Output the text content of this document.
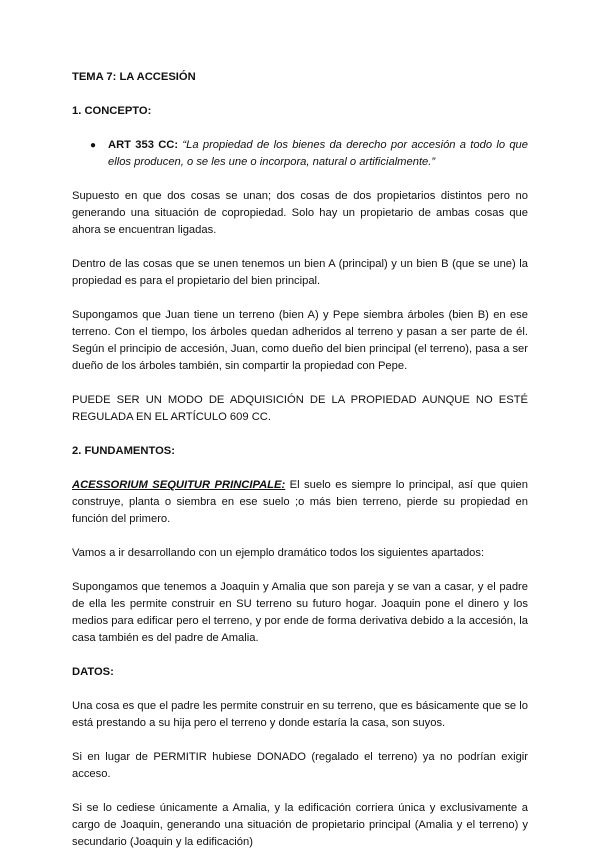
TEMA 7: LA ACCESIÓN

1. CONCEPTO:

● ART 353 CC: “La propiedad de los bienes da derecho por accesión a todo lo que ellos producen, o se les une o incorpora, natural o artificialmente.”

Supuesto en que dos cosas se unan; dos cosas de dos propietarios distintos pero no generando una situación de copropiedad. Solo hay un propietario de ambas cosas que ahora se encuentran ligadas.

Dentro de las cosas que se unen tenemos un bien A (principal) y un bien B (que se une) la propiedad es para el propietario del bien principal.

Supongamos que Juan tiene un terreno (bien A) y Pepe siembra árboles (bien B) en ese terreno. Con el tiempo, los árboles quedan adheridos al terreno y pasan a ser parte de él. Según el principio de accesión, Juan, como dueño del bien principal (el terreno), pasa a ser dueño de los árboles también, sin compartir la propiedad con Pepe.

PUEDE SER UN MODO DE ADQUISICIÓN DE LA PROPIEDAD AUNQUE NO ESTÉ REGULADA EN EL ARTÍCULO 609 CC.

2. FUNDAMENTOS:

ACESSORIUM SEQUITUR PRINCIPALE: El suelo es siempre lo principal, así que quien construye, planta o siembra en ese suelo ;o más bien terreno, pierde su propiedad en función del primero.

Vamos a ir desarrollando con un ejemplo dramático todos los siguientes apartados:

Supongamos que tenemos a Joaquin y Amalia que son pareja y se van a casar, y el padre de ella les permite construir en SU terreno su futuro hogar. Joaquin pone el dinero y los medios para edificar pero el terreno, y por ende de forma derivativa debido a la accesión, la casa también es del padre de Amalia.

DATOS:

Una cosa es que el padre les permite construir en su terreno, que es básicamente que se lo está prestando a su hija pero el terreno y donde estaría la casa, son suyos.

Si en lugar de PERMITIR hubiese DONADO (regalado el terreno) ya no podrían exigir acceso.

Si se lo cediese únicamente a Amalia, y la edificación corriera única y exclusivamente a cargo de Joaquin, generando una situación de propietario principal (Amalia y el terreno) y secundario (Joaquin y la edificación)
